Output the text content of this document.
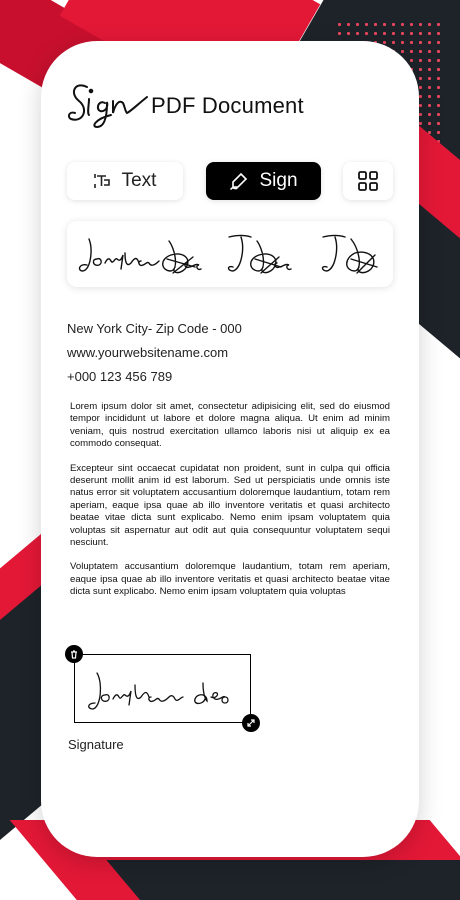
PDF Document
Text	Sign
New York City- Zip Code - 000
www.yourwebsitename.com
+000 123 456 789

Lorem ipsum dolor sit amet, consectetur adipisicing elit, sed do eiusmod tempor incididunt ut labore et dolore magna aliqua. Ut enim ad minim veniam, quis nostrud exercitation ullamco laboris nisi ut aliquip ex ea commodo consequat.

Excepteur sint occaecat cupidatat non proident, sunt in culpa qui officia deserunt mollit anim id est laborum. Sed ut perspiciatis unde omnis iste natus error sit voluptatem accusantium doloremque laudantium, totam rem aperiam, eaque ipsa quae ab illo inventore veritatis et quasi architecto beatae vitae dicta sunt explicabo. Nemo enim ipsam voluptatem quia voluptas sit aspernatur aut odit aut quia consequuntur voluptatem sequi nesciunt.

Voluptatem accusantium doloremque laudantium, totam rem aperiam, eaque ipsa quae ab illo inventore veritatis et quasi architecto beatae vitae dicta sunt explicabo. Nemo enim ipsam voluptatem quia voluptas

Signature
